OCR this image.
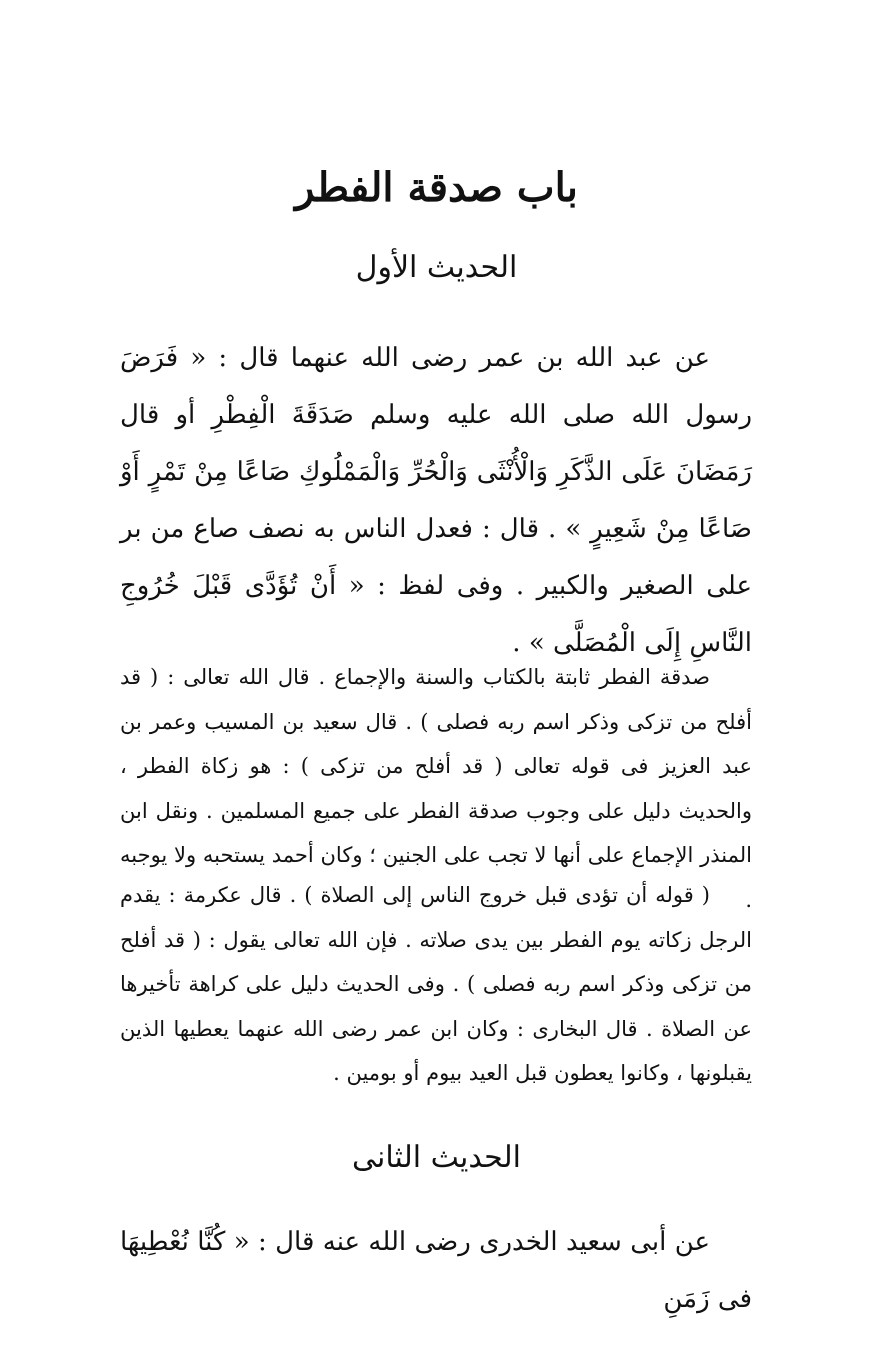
باب صدقة الفطر
الحديث الأول

عن عبد الله بن عمر رضى الله عنهما قال : « فَرَضَ رسول الله صلى الله عليه وسلم صَدَقَةَ الْفِطْرِ أو قال رَمَضَانَ عَلَى الذَّكَرِ وَالْأُنْثَى وَالْحُرِّ وَالْمَمْلُوكِ صَاعًا مِنْ تَمْرٍ أَوْ صَاعًا مِنْ شَعِيرٍ » . قال : فعدل الناس به نصف صاع من بر على الصغير والكبير . وفى لفظ : « أَنْ تُؤَدَّى قَبْلَ خُرُوجِ النَّاسِ إِلَى الْمُصَلَّى » .

صدقة الفطر ثابتة بالكتاب والسنة والإجماع . قال الله تعالى : ( قد أفلح من تزكى وذكر اسم ربه فصلى ) . قال سعيد بن المسيب وعمر بن عبد العزيز فى قوله تعالى ( قد أفلح من تزكى ) : هو زكاة الفطر ، والحديث دليل على وجوب صدقة الفطر على جميع المسلمين . ونقل ابن المنذر الإجماع على أنها لا تجب على الجنين ؛ وكان أحمد يستحبه ولا يوجبه .

( قوله أن تؤدى قبل خروج الناس إلى الصلاة ) . قال عكرمة : يقدم الرجل زكاته يوم الفطر بين يدى صلاته . فإن الله تعالى يقول : ( قد أفلح من تزكى وذكر اسم ربه فصلى ) . وفى الحديث دليل على كراهة تأخيرها عن الصلاة . قال البخارى : وكان ابن عمر رضى الله عنهما يعطيها الذين يقبلونها ، وكانوا يعطون قبل العيد بيوم أو بومين .

الحديث الثانى

عن أبى سعيد الخدرى رضى الله عنه قال : « كُنَّا نُعْطِيهَا فى زَمَنِ
